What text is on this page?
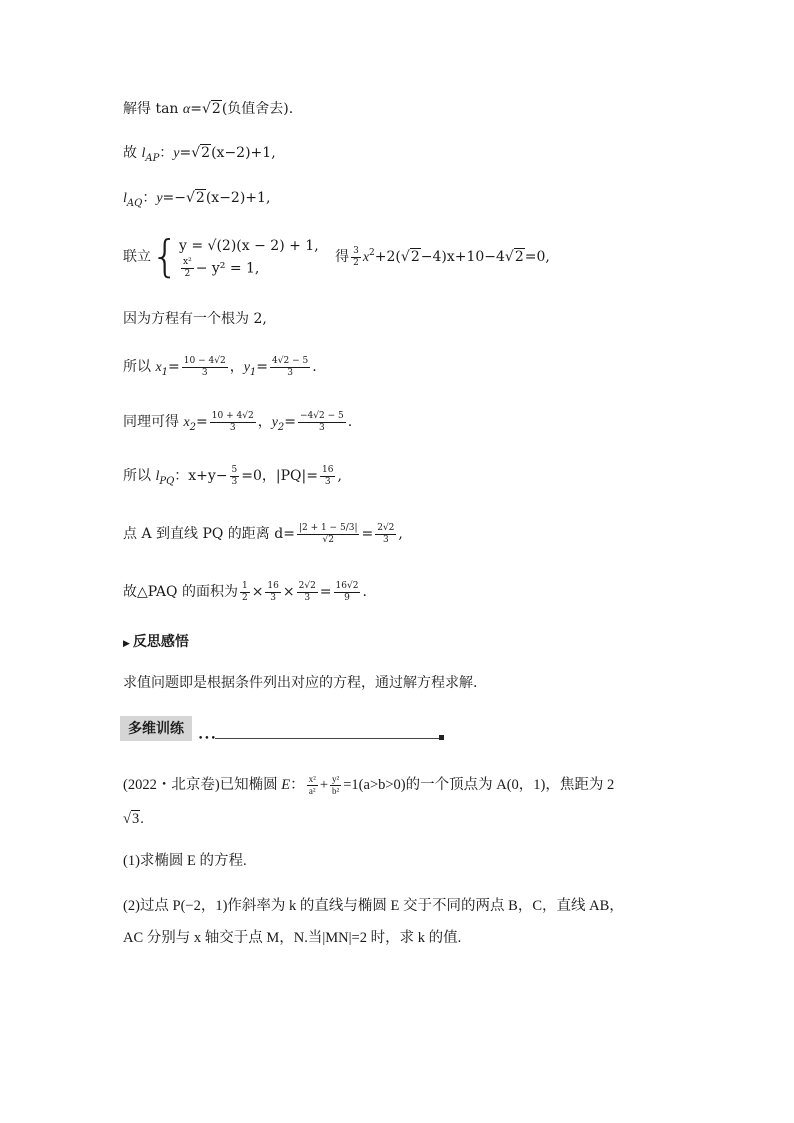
解得 tan α=√2(负值舍去).
故 $l_{AP}$：y=√2(x−2)+1,
$l_{AQ}$：y=−√2(x−2)+1,
联立{ y = √(2)(x − 2) + 1,
$\frac{\text{x²}}{2} - y^2 = 1$,
得 $\frac{3}{2} x^2+2(√2-4)x+10-4√2=0$,
因为方程有一个根为 2,
所以 $x_1= \frac{10 - 4√2}{3}$ ，$y_1= \frac{4√2 - 5}{3}$ .
同理可得 $x_2= \frac{10 + 4√2}{3}$ ，$y_2= \frac{-4√2 - 5}{3}$ .
所以 $l_{PQ}$：$x+y- \frac{5}{3} =0$，$|PQ|= \frac{16}{3}$ ,
点 A 到直线 PQ 的距离 $d= \frac{|2 + 1 - 5/3|}{√2} = \frac{2√2}{3}$ ,
故△PAQ 的面积为 $\frac{1}{2} \times \frac{16}{3} \times \frac{2√2}{3} = \frac{16√2}{9}$ .
▶ 反思感悟
求值问题即是根据条件列出对应的方程，通过解方程求解.
多维训练
•••
(2022・北京卷)已知椭圆 E： $\frac{\text{x²}}{\text{a²}} + \frac{\text{y²}}{\text{b²}} =1(a>b>0)$的一个顶点为 A(0，1)，焦距为 2
√3.
(1)求椭圆 E 的方程.
(2)过点 P(−2，1)作斜率为 k 的直线与椭圆 E 交于不同的两点 B，C，直线 AB，
AC 分别与 x 轴交于点 M，N.当|MN|=2 时，求 k 的值.
